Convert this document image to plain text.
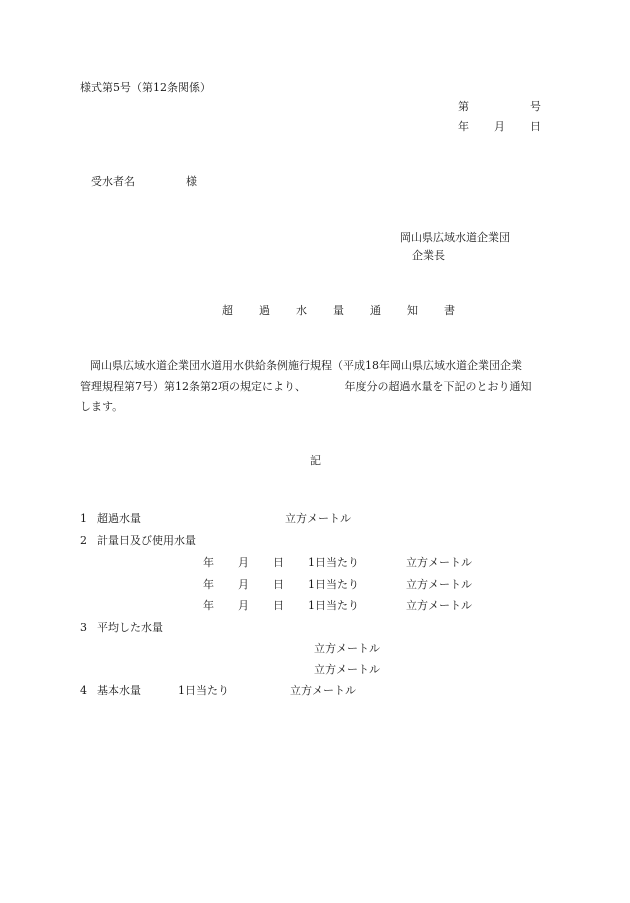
様式第5号（第12条関係）
第	号
年 月 日
受水者名	様
岡山県広域水道企業団
企業長
超 過 水 量 通 知 書
岡山県広域水道企業団水道用水供給条例施行規程（平成18年岡山県広域水道企業団企業
管理規程第7号）第12条第2項の規定により、　　　　年度分の超過水量を下記のとおり通知
します。
記
1 超過水量	立方メートル
2 計量日及び使用水量
年 月 日 1日当たり	立方メートル
年 月 日 1日当たり	立方メートル
年 月 日 1日当たり	立方メートル
3 平均した水量
立方メートル
立方メートル
4 基本水量	1日当たり	立方メートル
